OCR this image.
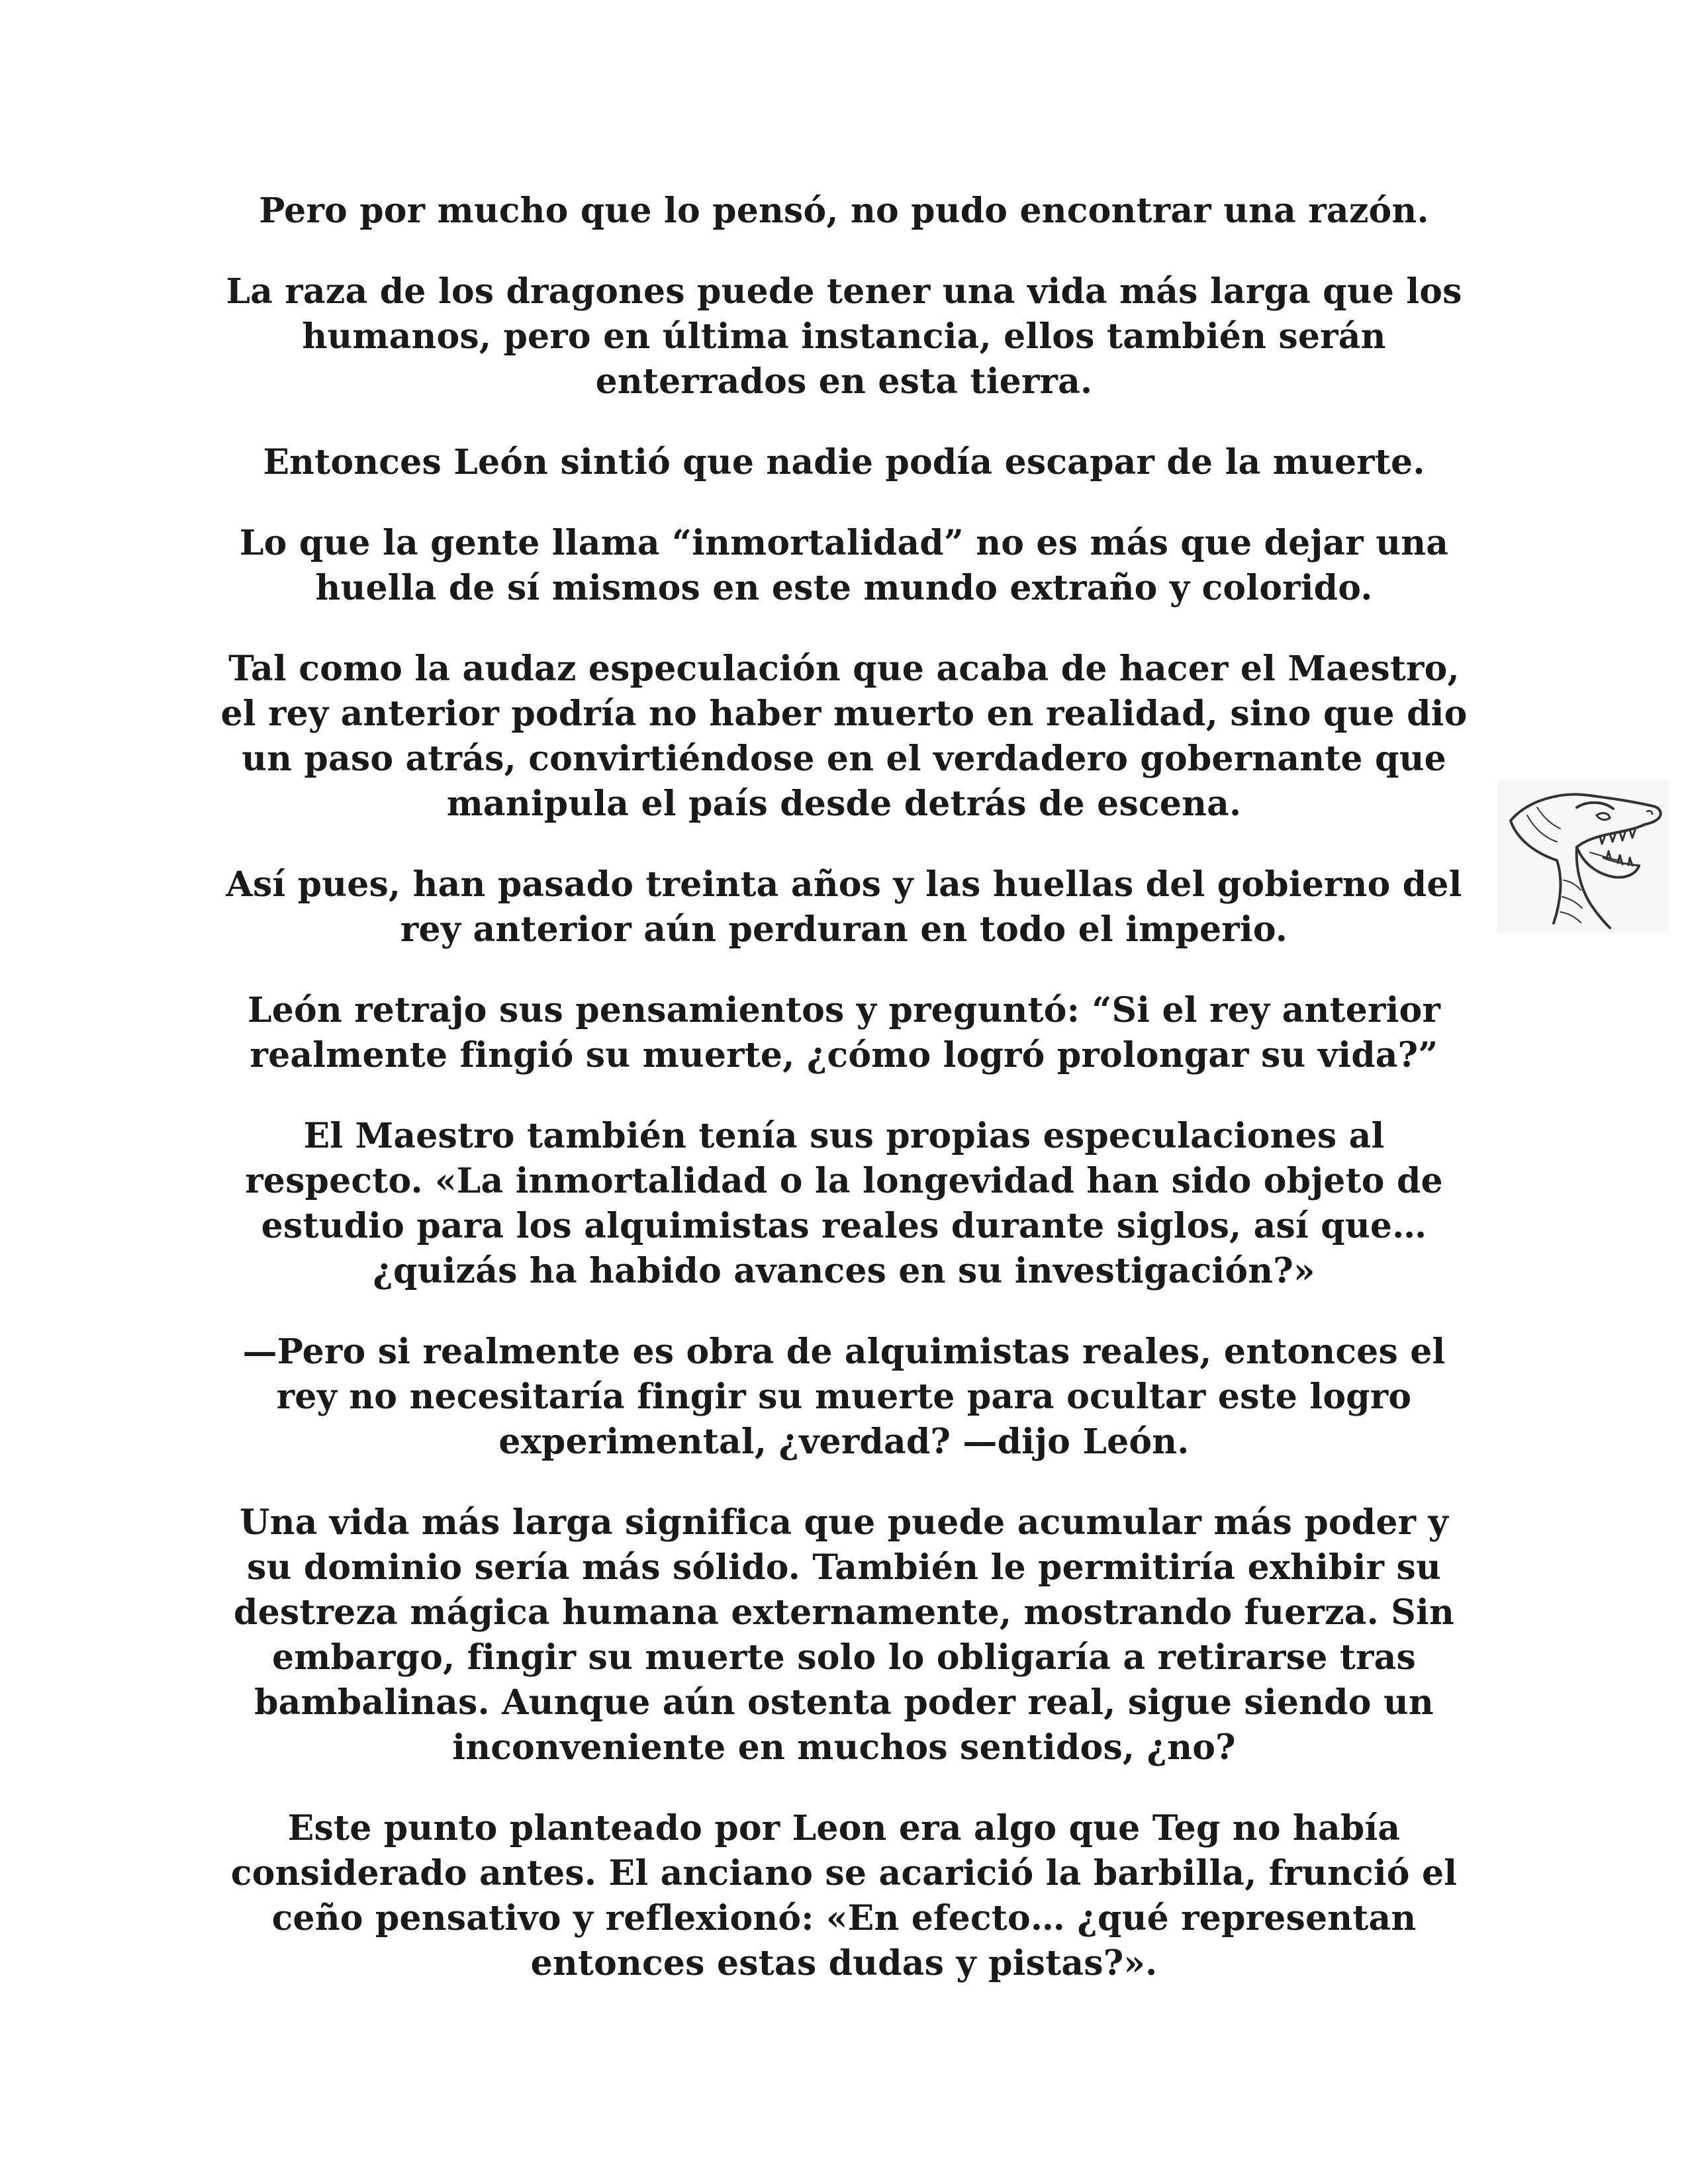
Pero por mucho que lo pensó, no pudo encontrar una razón.

La raza de los dragones puede tener una vida más larga que los humanos, pero en última instancia, ellos también serán enterrados en esta tierra.

Entonces León sintió que nadie podía escapar de la muerte.

Lo que la gente llama “inmortalidad” no es más que dejar una huella de sí mismos en este mundo extraño y colorido.

Tal como la audaz especulación que acaba de hacer el Maestro, el rey anterior podría no haber muerto en realidad, sino que dio un paso atrás, convirtiéndose en el verdadero gobernante que manipula el país desde detrás de escena.

Así pues, han pasado treinta años y las huellas del gobierno del rey anterior aún perduran en todo el imperio.

León retrajo sus pensamientos y preguntó: “Si el rey anterior realmente fingió su muerte, ¿cómo logró prolongar su vida?”

El Maestro también tenía sus propias especulaciones al respecto. «La inmortalidad o la longevidad han sido objeto de estudio para los alquimistas reales durante siglos, así que… ¿quizás ha habido avances en su investigación?»

—Pero si realmente es obra de alquimistas reales, entonces el rey no necesitaría fingir su muerte para ocultar este logro experimental, ¿verdad? —dijo León.

Una vida más larga significa que puede acumular más poder y su dominio sería más sólido. También le permitiría exhibir su destreza mágica humana externamente, mostrando fuerza. Sin embargo, fingir su muerte solo lo obligaría a retirarse tras bambalinas. Aunque aún ostenta poder real, sigue siendo un inconveniente en muchos sentidos, ¿no?

Este punto planteado por Leon era algo que Teg no había considerado antes. El anciano se acarició la barbilla, frunció el ceño pensativo y reflexionó: «En efecto… ¿qué representan entonces estas dudas y pistas?».
